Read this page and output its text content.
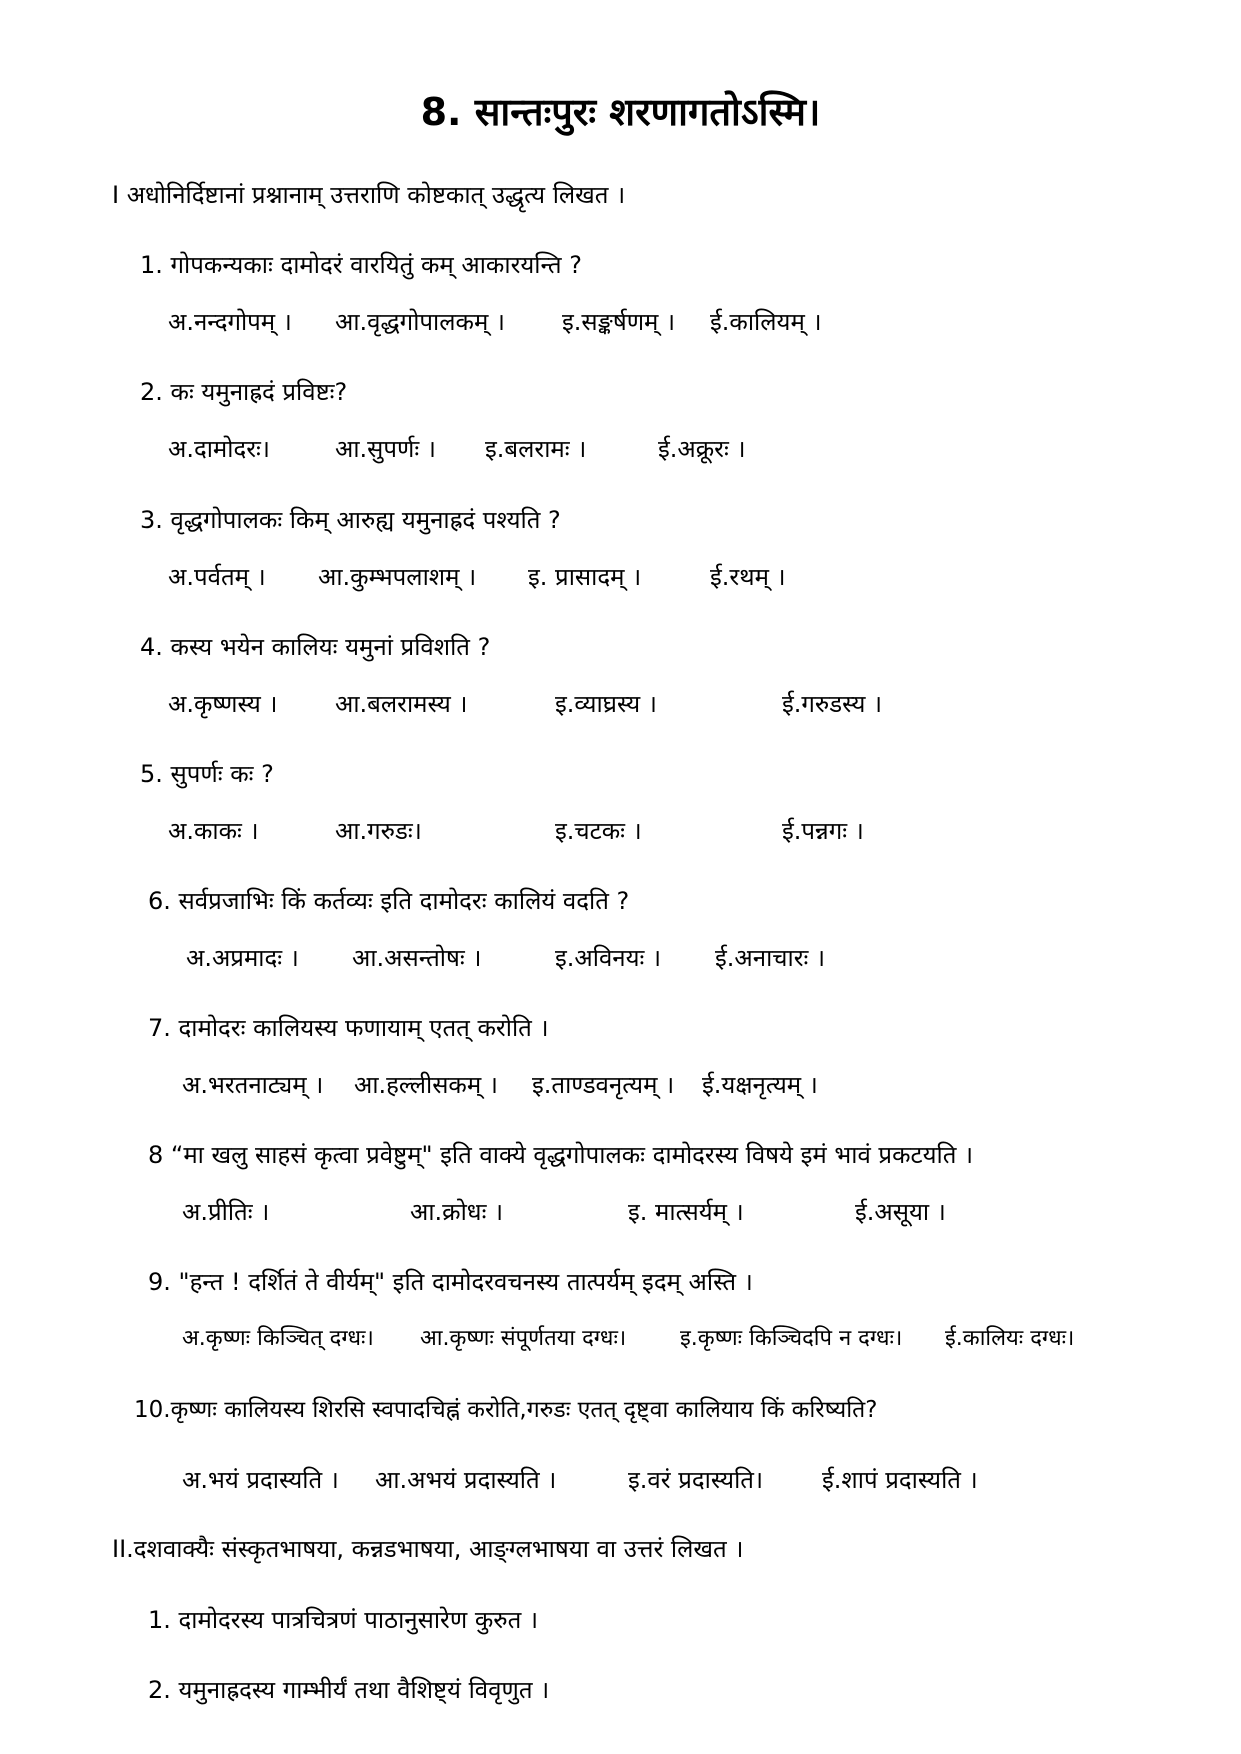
8. सान्तःपुरः शरणागतोऽस्मि।
I अधोनिर्दिष्टानां प्रश्नानाम् उत्तराणि कोष्टकात् उद्धृत्य लिखत ।
1. गोपकन्यकाः दामोदरं वारयितुं कम् आकारयन्ति ?
अ.नन्दगोपम् । आ.वृद्धगोपालकम् । इ.सङ्कर्षणम् । ई.कालियम् ।
2. कः यमुनाह्रदं प्रविष्टः?
अ.दामोदरः।	आ.सुपर्णः । इ.बलरामः ।	ई.अक्रूरः ।
3. वृद्धगोपालकः किम् आरुह्य यमुनाह्रदं पश्यति ?
अ.पर्वतम् । आ.कुम्भपलाशम् । इ. प्रासादम् ।	ई.रथम् ।
4. कस्य भयेन कालियः यमुनां प्रविशति ?
अ.कृष्णस्य । आ.बलरामस्य ।	इ.व्याघ्रस्य ।	ई.गरुडस्य ।
5. सुपर्णः कः ?
अ.काकः ।	आ.गरुडः।	इ.चटकः ।	ई.पन्नगः ।
6. सर्वप्रजाभिः किं कर्तव्यः इति दामोदरः कालियं वदति ?
अ.अप्रमादः । आ.असन्तोषः ।	इ.अविनयः । ई.अनाचारः ।
7. दामोदरः कालियस्य फणायाम् एतत् करोति ।
अ.भरतनाट्यम् । आ.हल्लीसकम् । इ.ताण्डवनृत्यम् । ई.यक्षनृत्यम् ।
8 “मा खलु साहसं कृत्वा प्रवेष्टुम्" इति वाक्ये वृद्धगोपालकः दामोदरस्य विषये इमं भावं प्रकटयति ।
अ.प्रीतिः ।	आ.क्रोधः ।	इ. मात्सर्यम् ।	ई.असूया ।
9. "हन्त ! दर्शितं ते वीर्यम्" इति दामोदरवचनस्य तात्पर्यम् इदम् अस्ति ।
अ.कृष्णः किञ्चित् दग्धः। आ.कृष्णः संपूर्णतया दग्धः। इ.कृष्णः किञ्चिदपि न दग्धः। ई.कालियः दग्धः।
10.कृष्णः कालियस्य शिरसि स्वपादचिह्नं करोति,गरुडः एतत् दृष्ट्वा कालियाय किं करिष्यति?
अ.भयं प्रदास्यति । आ.अभयं प्रदास्यति ।	इ.वरं प्रदास्यति। ई.शापं प्रदास्यति ।
II.दशवाक्यैः संस्कृतभाषया, कन्नडभाषया, आङ्ग्लभाषया वा उत्तरं लिखत ।
1. दामोदरस्य पात्रचित्रणं पाठानुसारेण कुरुत ।
2. यमुनाह्रदस्य गाम्भीर्यं तथा वैशिष्ट्यं विवृणुत ।
